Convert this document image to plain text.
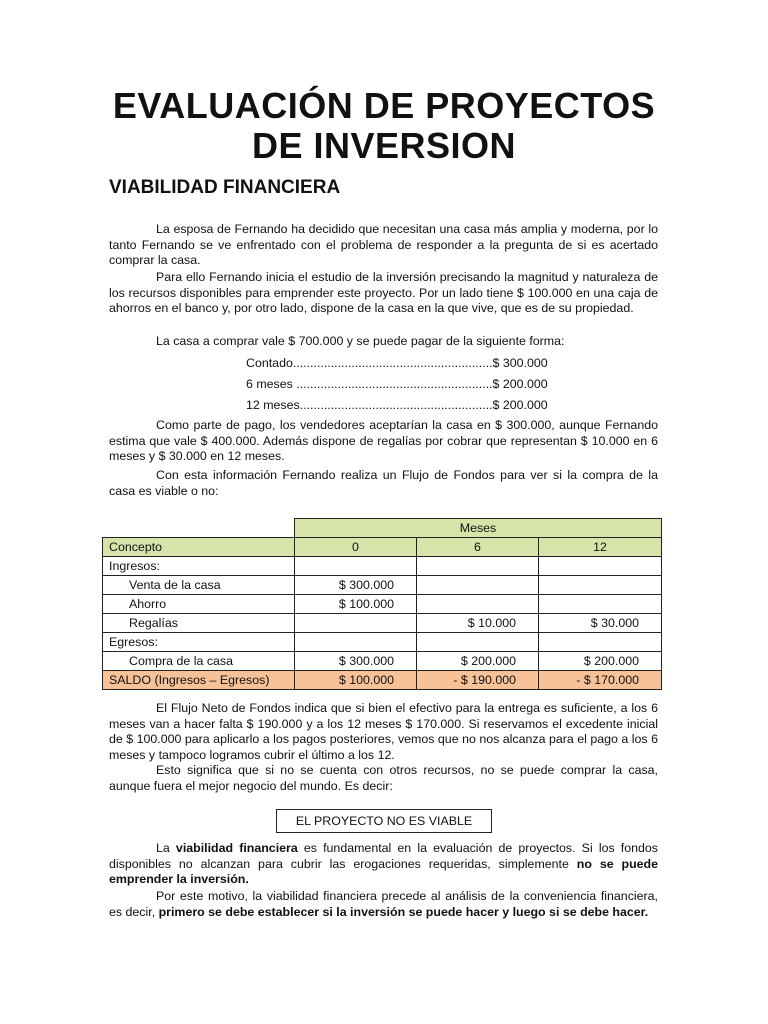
EVALUACIÓN DE PROYECTOS
DE INVERSION
VIABILIDAD FINANCIERA

La esposa de Fernando ha decidido que necesitan una casa más amplia y moderna, por lo tanto Fernando se ve enfrentado con el problema de responder a la pregunta de si es acertado comprar la casa.

Para ello Fernando inicia el estudio de la inversión precisando la magnitud y naturaleza de los recursos disponibles para emprender este proyecto. Por un lado tiene $ 100.000 en una caja de ahorros en el banco y, por otro lado, dispone de la casa en la que vive, que es de su propiedad.

La casa a comprar vale $ 700.000 y se puede pagar de la siguiente forma:

Contado..........................................................$ 300.000
6 meses .........................................................$ 200.000
12 meses........................................................$ 200.000

Como parte de pago, los vendedores aceptarían la casa en $ 300.000, aunque Fernando estima que vale $ 400.000. Además dispone de regalías por cobrar que representan $ 10.000 en 6 meses y $ 30.000 en 12 meses.

Con esta información Fernando realiza un Flujo de Fondos para ver si la compra de la casa es viable o no:

	Meses		
Concepto	0	6	12
Ingresos:			
Venta de la casa	$ 300.000		
Ahorro	$ 100.000		
Regalías		$ 10.000	$ 30.000
Egresos:			
Compra de la casa	$ 300.000	$ 200.000	$ 200.000
SALDO (Ingresos – Egresos)	$ 100.000	- $ 190.000	- $ 170.000

El Flujo Neto de Fondos indica que si bien el efectivo para la entrega es suficiente, a los 6 meses van a hacer falta $ 190.000 y a los 12 meses $ 170.000. Si reservamos el excedente inicial de $ 100.000 para aplicarlo a los pagos posteriores, vemos que no nos alcanza para el pago a los 6 meses y tampoco logramos cubrir el último a los 12.

Esto significa que si no se cuenta con otros recursos, no se puede comprar la casa, aunque fuera el mejor negocio del mundo. Es decir:

EL PROYECTO NO ES VIABLE

La viabilidad financiera es fundamental en la evaluación de proyectos. Si los fondos disponibles no alcanzan para cubrir las erogaciones requeridas, simplemente no se puede emprender la inversión.

Por este motivo, la viabilidad financiera precede al análisis de la conveniencia financiera, es decir, primero se debe establecer si la inversión se puede hacer y luego si se debe hacer.
